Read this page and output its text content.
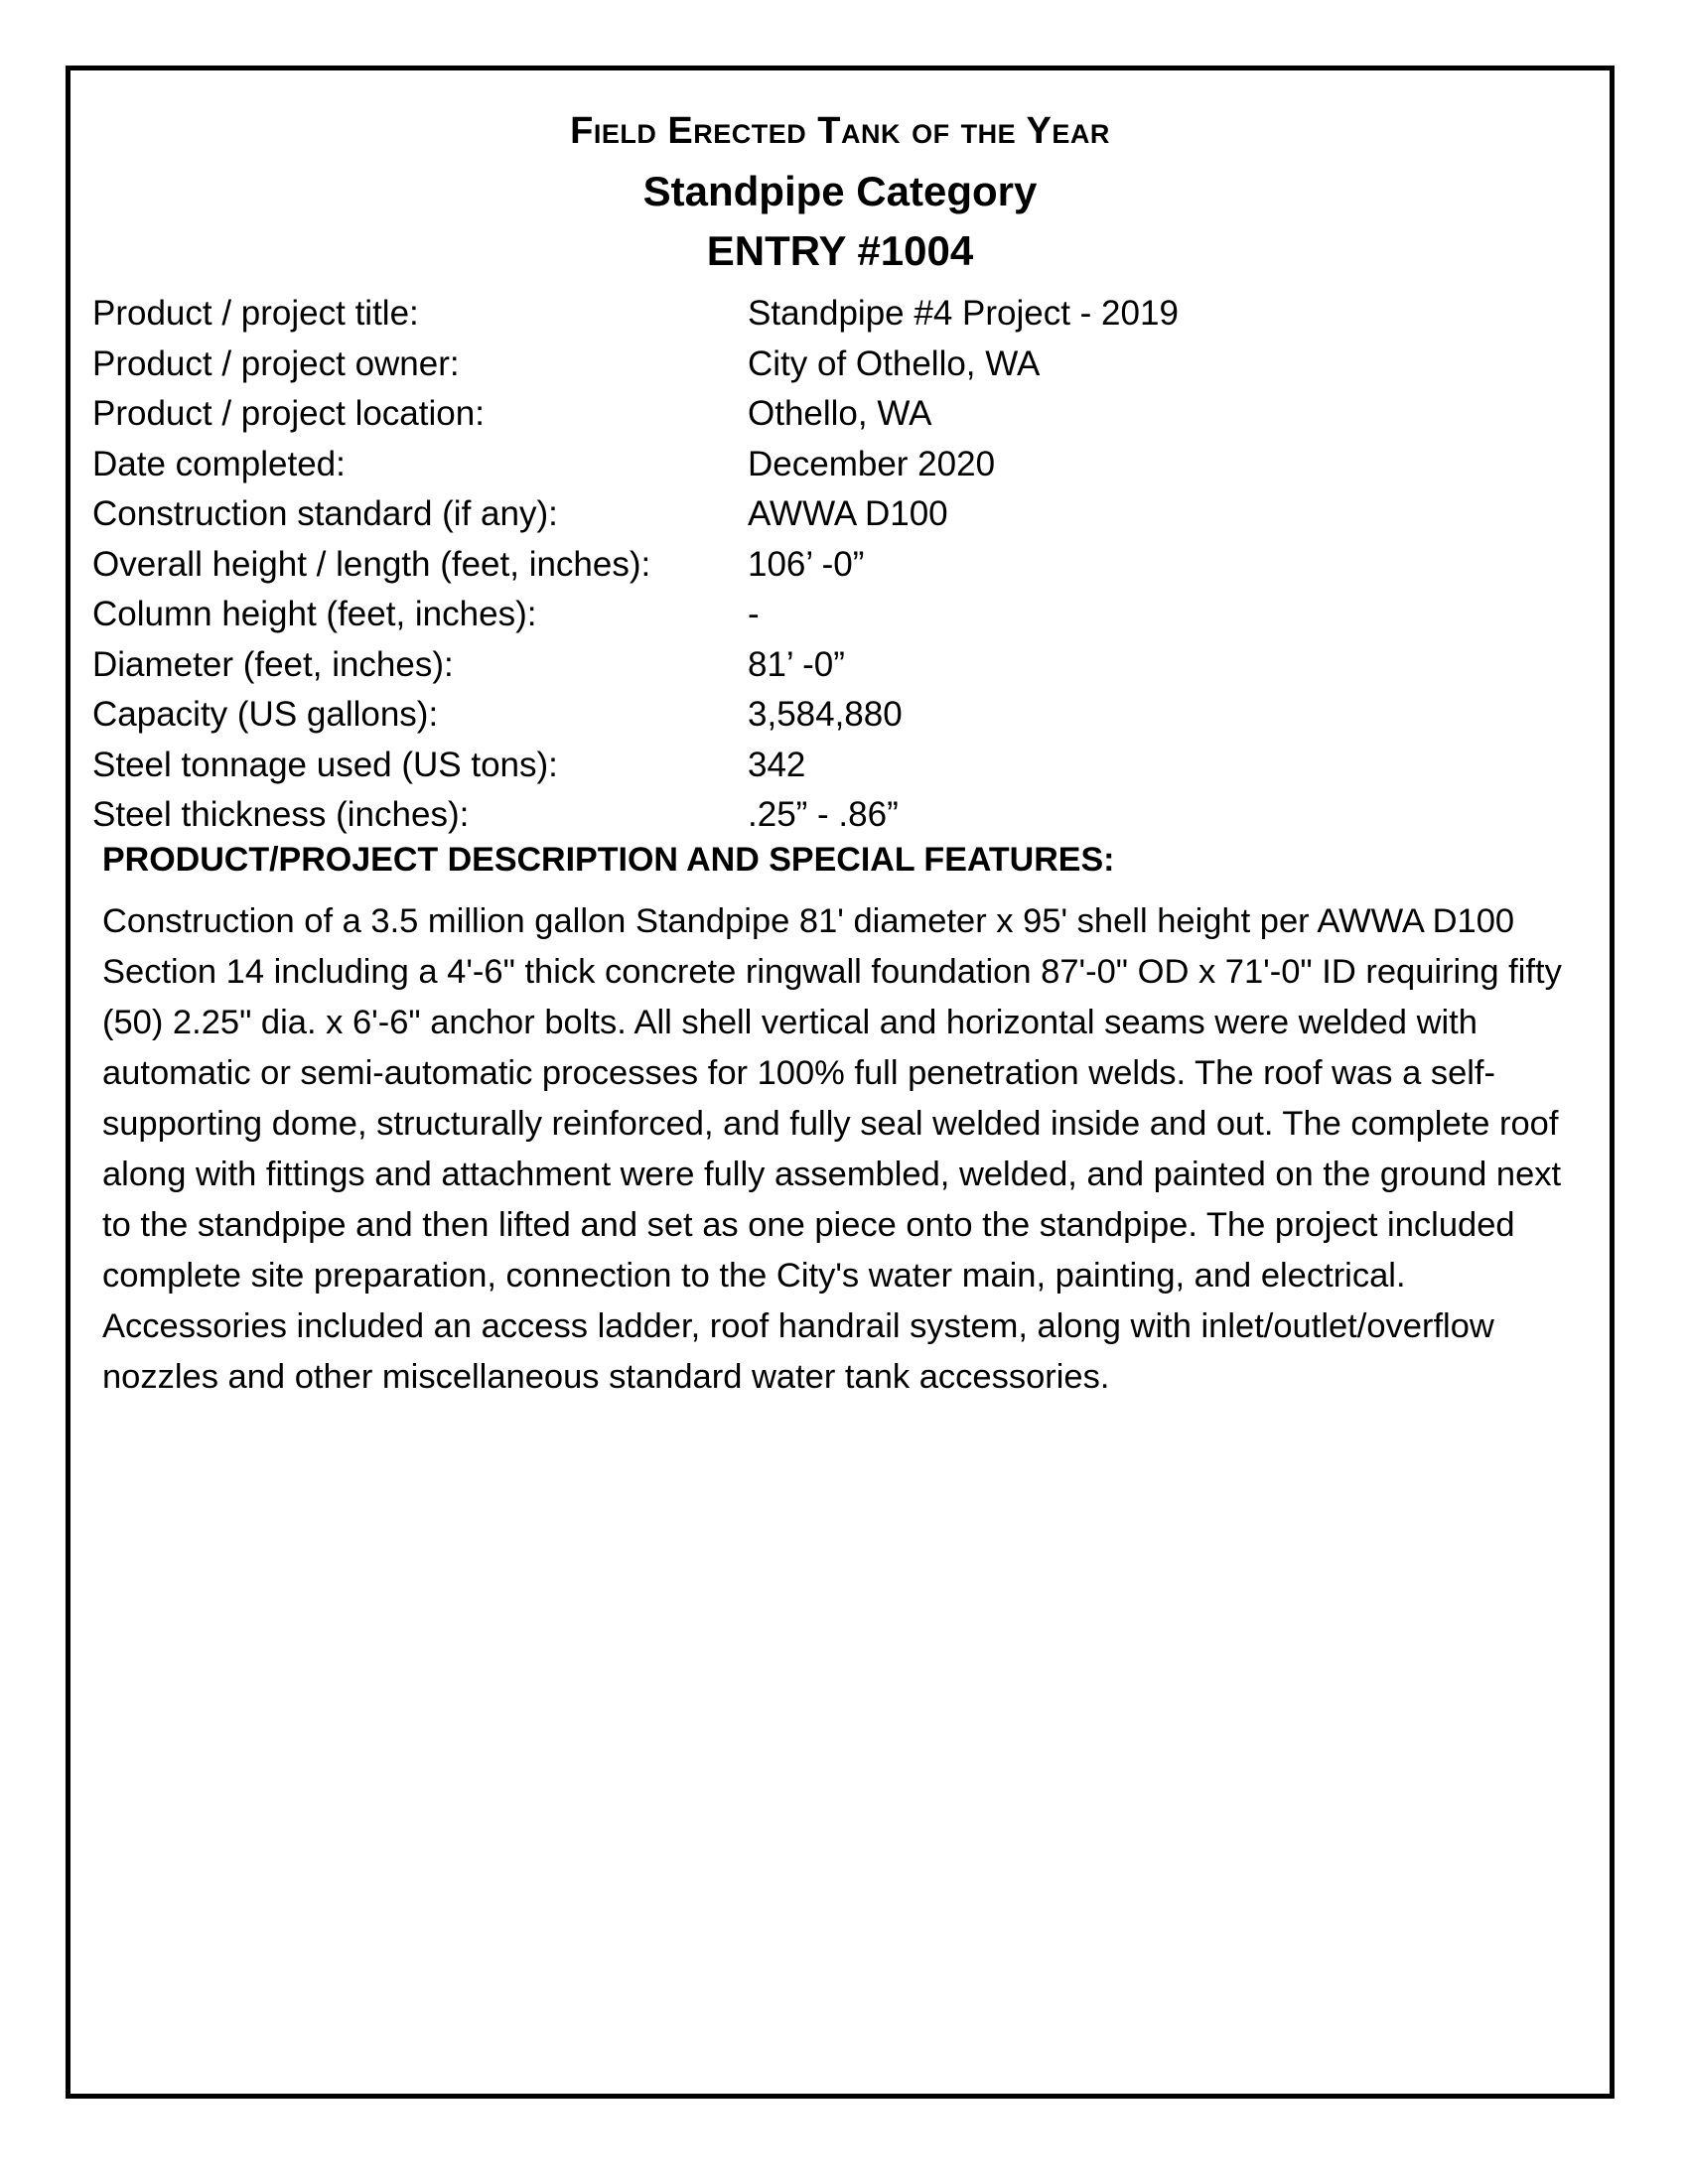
Field Erected Tank of the Year
Standpipe Category
ENTRY #1004
Product / project title:	Standpipe #4 Project - 2019
Product / project owner:	City of Othello, WA
Product / project location:	Othello, WA
Date completed:	December 2020
Construction standard (if any):	AWWA D100
Overall height / length (feet, inches):	106’ -0”
Column height (feet, inches):	-
Diameter (feet, inches):	81’ -0”
Capacity (US gallons):	3,584,880
Steel tonnage used (US tons):	342
Steel thickness (inches):	.25” - .86”
PRODUCT/PROJECT DESCRIPTION AND SPECIAL FEATURES:

Construction of a 3.5 million gallon Standpipe 81' diameter x 95' shell height per AWWA D100 Section 14 including a 4'-6" thick concrete ringwall foundation 87'-0" OD x 71'-0" ID requiring fifty (50) 2.25" dia. x 6'-6" anchor bolts. All shell vertical and horizontal seams were welded with automatic or semi-automatic processes for 100% full penetration welds. The roof was a self-supporting dome, structurally reinforced, and fully seal welded inside and out. The complete roof along with fittings and attachment were fully assembled, welded, and painted on the ground next to the standpipe and then lifted and set as one piece onto the standpipe. The project included complete site preparation, connection to the City's water main, painting, and electrical. Accessories included an access ladder, roof handrail system, along with inlet/outlet/overflow nozzles and other miscellaneous standard water tank accessories.
